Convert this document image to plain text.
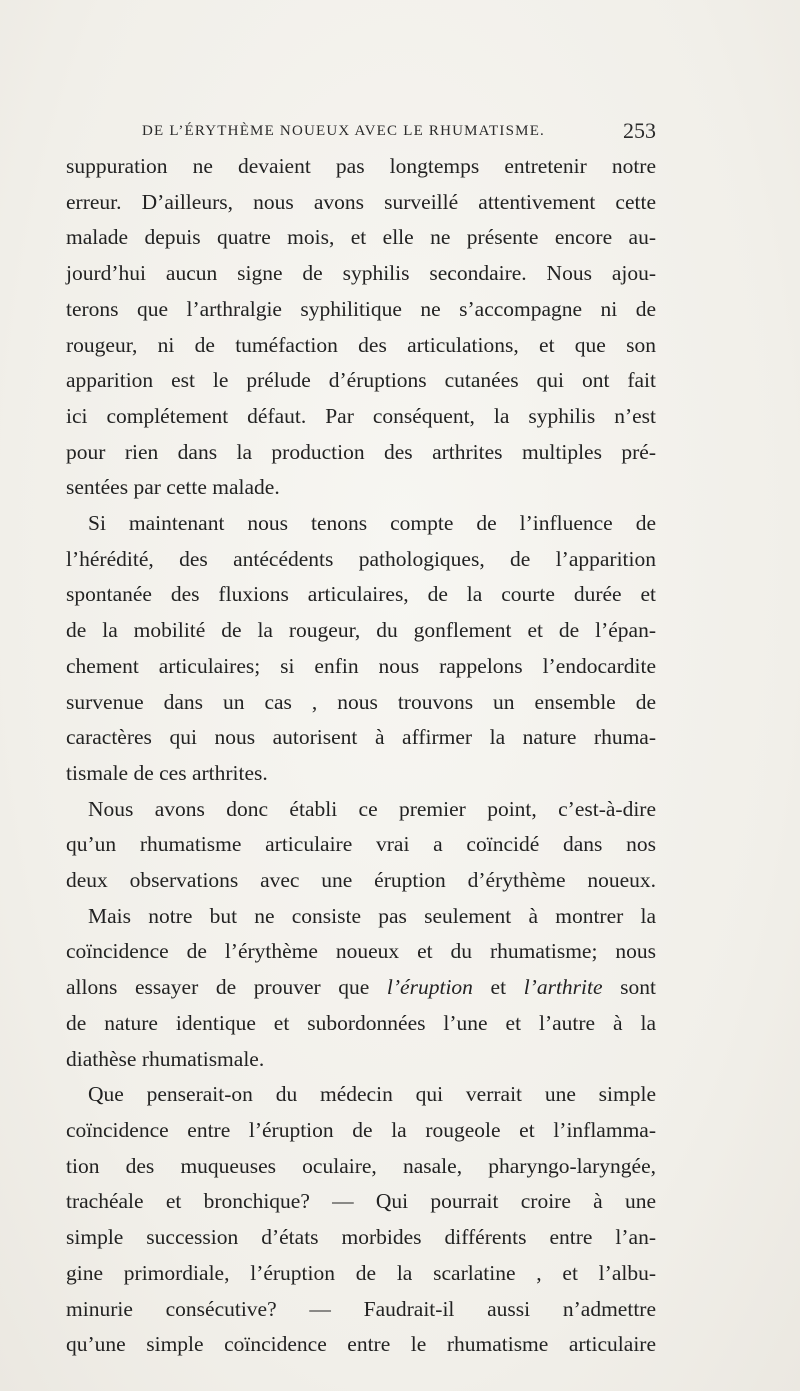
DE L’ÉRYTHÈME NOUEUX AVEC LE RHUMATISME.	253
suppuration ne devaient pas longtemps entretenir notre
erreur. D’ailleurs, nous avons surveillé attentivement cette
malade depuis quatre mois, et elle ne présente encore au-
jourd’hui aucun signe de syphilis secondaire. Nous ajou-
terons que l’arthralgie syphilitique ne s’accompagne ni de
rougeur, ni de tuméfaction des articulations, et que son
apparition est le prélude d’éruptions cutanées qui ont fait
ici complétement défaut. Par conséquent, la syphilis n’est
pour rien dans la production des arthrites multiples pré-
sentées par cette malade.
Si maintenant nous tenons compte de l’influence de
l’hérédité, des antécédents pathologiques, de l’apparition
spontanée des fluxions articulaires, de la courte durée et
de la mobilité de la rougeur, du gonflement et de l’épan-
chement articulaires; si enfin nous rappelons l’endocardite
survenue dans un cas , nous trouvons un ensemble de
caractères qui nous autorisent à affirmer la nature rhuma-
tismale de ces arthrites.
Nous avons donc établi ce premier point, c’est-à-dire
qu’un rhumatisme articulaire vrai a coïncidé dans nos
deux observations avec une éruption d’érythème noueux.
Mais notre but ne consiste pas seulement à montrer la
coïncidence de l’érythème noueux et du rhumatisme; nous
allons essayer de prouver que l’éruption et l’arthrite sont
de nature identique et subordonnées l’une et l’autre à la
diathèse rhumatismale.
Que penserait-on du médecin qui verrait une simple
coïncidence entre l’éruption de la rougeole et l’inflamma-
tion des muqueuses oculaire, nasale, pharyngo-laryngée,
trachéale et bronchique? — Qui pourrait croire à une
simple succession d’états morbides différents entre l’an-
gine primordiale, l’éruption de la scarlatine , et l’albu-
minurie consécutive? — Faudrait-il aussi n’admettre
qu’une simple coïncidence entre le rhumatisme articulaire
